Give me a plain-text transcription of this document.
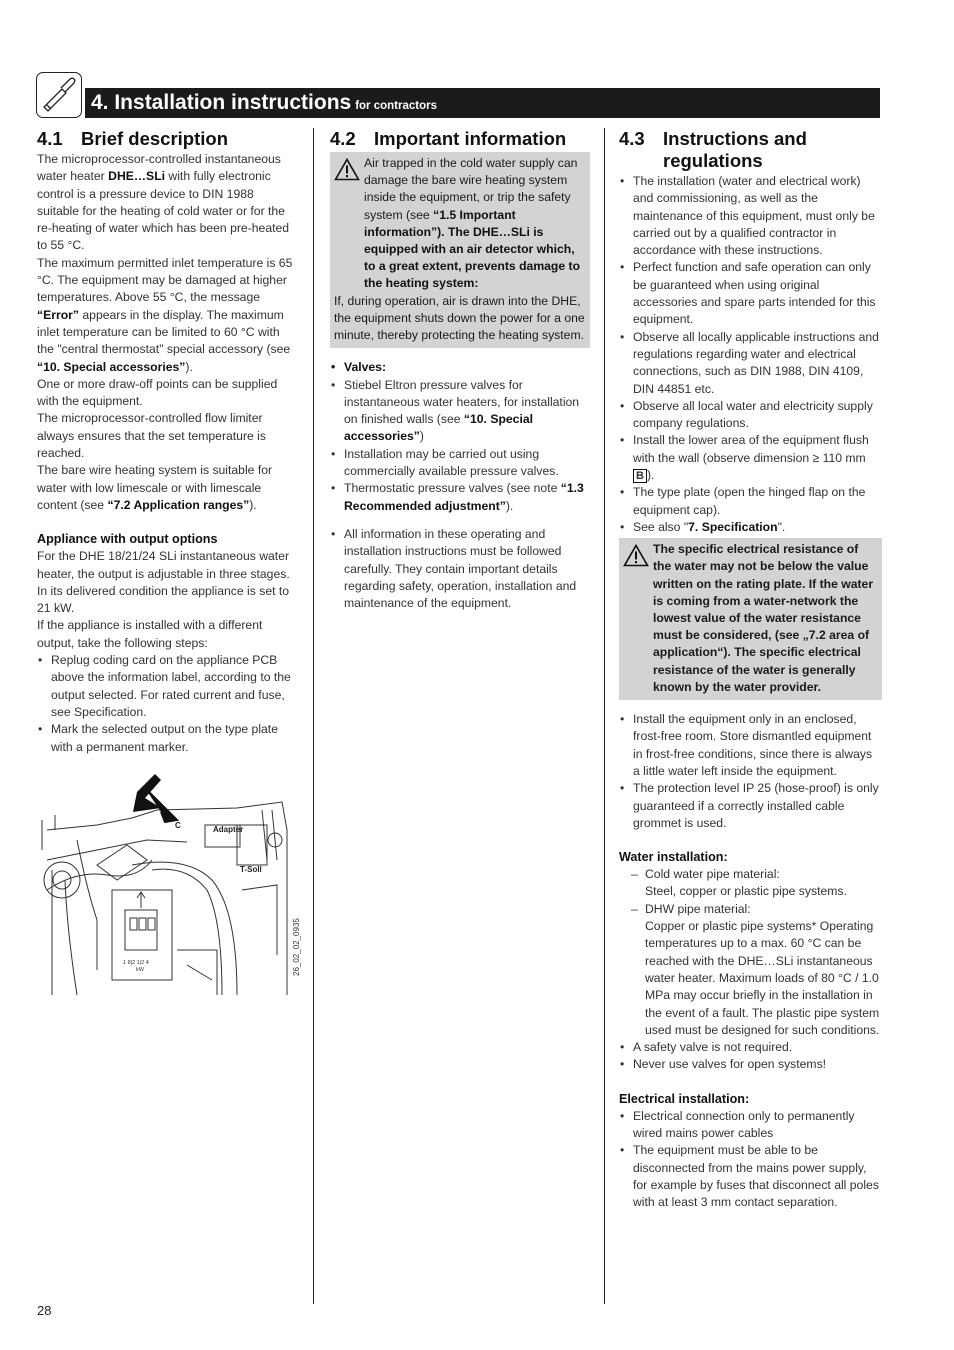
4. Installation instructions for contractors
4.1 Brief description

The microprocessor-controlled instantaneous water heater DHE…SLi with fully electronic control is a pressure device to DIN 1988 suitable for the heating of cold water or for the re-heating of water which has been pre-heated to 55 °C.

The maximum permitted inlet temperature is 65 °C. The equipment may be damaged at higher temperatures. Above 55 °C, the message “Error” appears in the display. The maximum inlet temperature can be limited to 60 °C with the "central thermostat" special accessory (see “10. Special accessories”).

One or more draw-off points can be supplied with the equipment.

The microprocessor-controlled flow limiter always ensures that the set temperature is reached.

The bare wire heating system is suitable for water with low limescale or with limescale content (see “7.2 Application ranges”).

Appliance with output options

For the DHE 18/21/24 SLi instantaneous water heater, the output is adjustable in three stages. In its delivered condition the appliance is set to 21 kW.

If the appliance is installed with a different output, take the following steps:

• Replug coding card on the appliance PCB above the information label, according to the output selected. For rated current and fuse, see Specification.
• Mark the selected output on the type plate with a permanent marker.
C	Adapter
T-Soll
1 8|2 1|2 4
kW	26_02_02_0935
4.2 Important information
Air trapped in the cold water supply can damage the bare wire heating system inside the equipment, or trip the safety system (see “1.5 Important information”). The DHE…SLi is equipped with an air detector which, to a great extent, prevents damage to the heating system:

If, during operation, air is drawn into the DHE, the equipment shuts down the power for a one minute, thereby protecting the heating system.

• Valves:
• Stiebel Eltron pressure valves for instantaneous water heaters, for installation on finished walls (see “10. Special accessories”)
• Installation may be carried out using commercially available pressure valves.
• Thermostatic pressure valves (see note “1.3 Recommended adjustment”).
• All information in these operating and installation instructions must be followed carefully. They contain important details regarding safety, operation, installation and maintenance of the equipment.
4.3 Instructions and
regulations
• The installation (water and electrical work) and commissioning, as well as the maintenance of this equipment, must only be carried out by a qualified contractor in accordance with these instructions.
• Perfect function and safe operation can only be guaranteed when using original accessories and spare parts intended for this equipment.
• Observe all locally applicable instructions and regulations regarding water and electrical connections, such as DIN 1988, DIN 4109, DIN 44851 etc.
• Observe all local water and electricity supply company regulations.
• Install the lower area of the equipment flush with the wall (observe dimension ≥ 110 mm B ).
• The type plate (open the hinged flap on the equipment cap).
• See also "7. Specification".
The specific electrical resistance of the water may not be below the value written on the rating plate. If the water is coming from a water-network the lowest value of the water resistance must be considered, (see „7.2 area of application“). The specific electrical resistance of the water is generally known by the water provider.
• Install the equipment only in an enclosed, frost-free room. Store dismantled equipment in frost-free conditions, since there is always a little water left inside the equipment.
• The protection level IP 25 (hose-proof) is only guaranteed if a correctly installed cable grommet is used.
Water installation:
– Cold water pipe material:
Steel, copper or plastic pipe systems.
– DHW pipe material:
Copper or plastic pipe systems* Operating temperatures up to a max. 60 °C can be reached with the DHE…SLi instantaneous water heater. Maximum loads of 80 °C / 1.0 MPa may occur briefly in the installation in the event of a fault. The plastic pipe system used must be designed for such conditions.
• A safety valve is not required.
• Never use valves for open systems!
Electrical installation:
• Electrical connection only to permanently wired mains power cables
• The equipment must be able to be disconnected from the mains power supply, for example by fuses that disconnect all poles with at least 3 mm contact separation.
28
